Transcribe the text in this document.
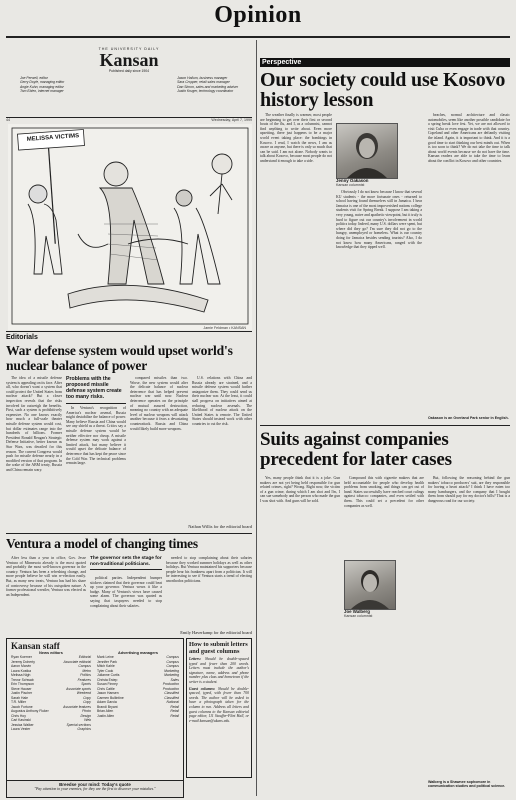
Opinion
THE UNIVERSITY DAILY
Kansan
Published daily since 1904
Joe Perwell, editor
Gerry Doyle, managing editor
Angie Kuhn, managing editor
Tom Eblen, internet manager
Jason Hallum, business manager
Sara Cropper, retail sales manager
Dan Simon, sales and marketing adviser
Justin Kruger, technology coordinator
44	Wednesday, April 7, 1999
MELISSA VICTIMS
Jamie Feldman • KANSAN
Editorials
War defense system would upset world's nuclear balance of power

The idea of a missile defense system is appealing on its face. After all, who doesn't want a system that could protect the United States from nuclear attack? But a closer inspection reveals that the risks involved far outweigh the benefits. First, such a system is prohibitively expensive. No one knows exactly how much a full-scale theater missile defense system would cost, but dollar estimates range into the hundreds of billions. Former President Ronald Reagan's Strategic Defense Initiative, better known as Star Wars, was derailed for this reason. The current Congress would push for missile defense nearly in a modified version of that program. In the wake of the ABM treaty, Russia and China remain wary.

Problems with the proposed missile defense system create too many risks.

In Ventura's recognition of America's nuclear arsenal, Russia might destabilize the balance of power. Many believe Russia and China would see any shield as a threat. Critics say a missile defense system would be neither effective nor cheap. A missile defense system may work against a limited attack, but many believe it would upset the delicate balance of deterrence that has kept the peace since the Cold War. The technical problems remain large.

compared missiles than two. Worse, the new system would alter the delicate balance of nuclear deterrence that has helped prevent nuclear war until now. Nuclear deterrence operates on the principle of mutual assured destruction, meaning no country with an adequate level of nuclear weapons will attack another because it fears a devastating counterattack. Russia and China would likely build more weapons.

U.S. relations with China and Russia already are strained, and a missile defense system would further antagonize them. They could send us their nuclear war. At the least, it could stall progress on initiatives aimed at reducing nuclear arsenals. The likelihood of nuclear attack on the United States is remote. The United States should instead work with other countries to cut the risk.

Nathan Willis for the editorial board
Ventura a model of changing times

After less than a year in office, Gov. Jesse Ventura of Minnesota already is the most quoted and probably the most well-known governor in the country. Ventura has been a refreshing change, and more people believe he will win re-election easily. But, as many new treats, Ventura has had his share of controversy because of his outspoken nature. A former professional wrestler, Ventura was elected as an Independent.

The governor sets the stage for non-traditional politicians.

political parties. Independent bumper stickers claimed that their governor could beat up your governor. Ventura wears it like a badge. Many of Ventura's views have caused some alarm. The governor was quoted as saying that taxpayers needed to stop complaining about their salaries.

needed to stop complaining about their salaries because they worked summer holidays as well as other holidays. But Ventura maintained his supporters because people hear his frankness apart from a politician. It will be interesting to see if Ventura starts a trend of electing unorthodox politicians.

Emily Haverkamp for the editorial board
Kansan staff
News editors
Ryan Koerner	Editorial
Jeremy Doherty	Associate editorial
Aaron Marvin	Campus
Laura Kostka	Metro
Melissa Nigh	Politics
Trevor Schwab	Features
Erin Thompson	Sports
Steve Hauser	Associate sports
Justin Pischer	Weekend
Sarah Hale	Copy
T.R. Miller	Copy
Jacob Fortune	Associate features
Augustus Anthony Fluker	Photo
Chris Hoy	Design
Carl Kasinski	Web
Jessica Walker	Special sections
Laura Vester	Graphics
Advertising managers
Mark Leine	Campus
Jennifer Park	Campus
Mitch Kahle	Campus
Tyler Cook	Marketing
Julianne Curtis	Marketing
Christa Estep	Sales
Susan Finney	Production
Chris Cattle	Production
Jason Hansen	Classified
Carmen Bullintine	Classified
Adam Garcia	National
Brandi Bryant	Retail
Brian Allen	Retail
Justin Allen	Retail
Breedse your mind: Today's quote
"Pay attention to your enemies, for they are the first to discover your mistakes."
How to submit letters and guest columns
Letters: Should be double-spaced typed and fewer than 200 words. Letters must include the author's signature, name, address and phone number plus class and hometown if the writer is a student.
Guest columns: Should be double-spaced, typed, with fewer than 700 words. The author will be asked to have a photograph taken for the column to run. Address all letters and guest columns to the Kansan editorial page editor, 111 Stauffer-Flint Hall, or e-mail kansan@ukans.edu.
Perspective
Our society could use Kosovo history lesson
Jenny Oakason
Kansan columnist

The weather finally is warmer, most people are beginning to get over their first or second bouts of the flu, and I, as a columnist, cannot find anything to write about. Even more upsetting, there just happens to be a major world event taking place: the bombings in Kosovo. I read, I watch the news, I am as aware as anyone, but there is only so much that can be said. I am not alone. Nobody wants to talk about Kosovo, because most people do not understand it enough to take a side.

Obviously I do not know because I know that several KU students - the more fortunate ones - returned to school having found themselves still in Jamaica. I hear Jamaica is one of the most impoverished nations college students visit for Spring Break. I suppose I am taking a very young, naive and apathetic viewpoint, but it truly is hard to figure out our country's involvement in world politics today. Indeed, many U.S. dollars were spent, but where did they go? I'm sure they did not go to the hungry, unemployed or homeless. What is our country doing for Jamaica besides sending tourists? Also, I do not know how many Americans, ranged with the knowledge that they tipped well.

beaches, normal architecture and classic automobiles, seem like another possible candidate for a spring break love fest. Yet, we are not allowed to visit Cuba or even engage in trade with that country. Copeland and other Americans are defiantly visiting the island. Again, it is important to think. And it is a good time to start thinking our best minds out. When is too soon to think? We do not take the time to talk about world events because we do not have the time. Kansan readers are able to take the time to learn about the conflict in Kosovo and other countries.

Oakason is an Overland Park senior in English.
Suits against companies precedent for later cases

Yes, many people think that it is a joke. Gun makers are not yet being held responsible for gun related crimes, right? Wrong. Right now, the victim of a gun crime, during which I am shot and I'm, I can sue somebody and the person who made the gun I was shot with. And guns will be sold.

Joe Walberg
Kansan columnist

Compound this with cigarette makers that are held accountable for people who develop health problems from smoking, and things can get out of hand. States successfully have reached court rulings against tobacco companies, and even settled with them. This could set a precedent for other companies as well.

But, following the reasoning behind the gun makers' tobacco producers' suit, are they responsible for having a heart attack? I think I have eaten too many hamburgers, and the company that I bought them from should pay for my doctor's bills? That is a dangerous road for our society.

Walberg is a Shawnee sophomore in communication studies and political science.
